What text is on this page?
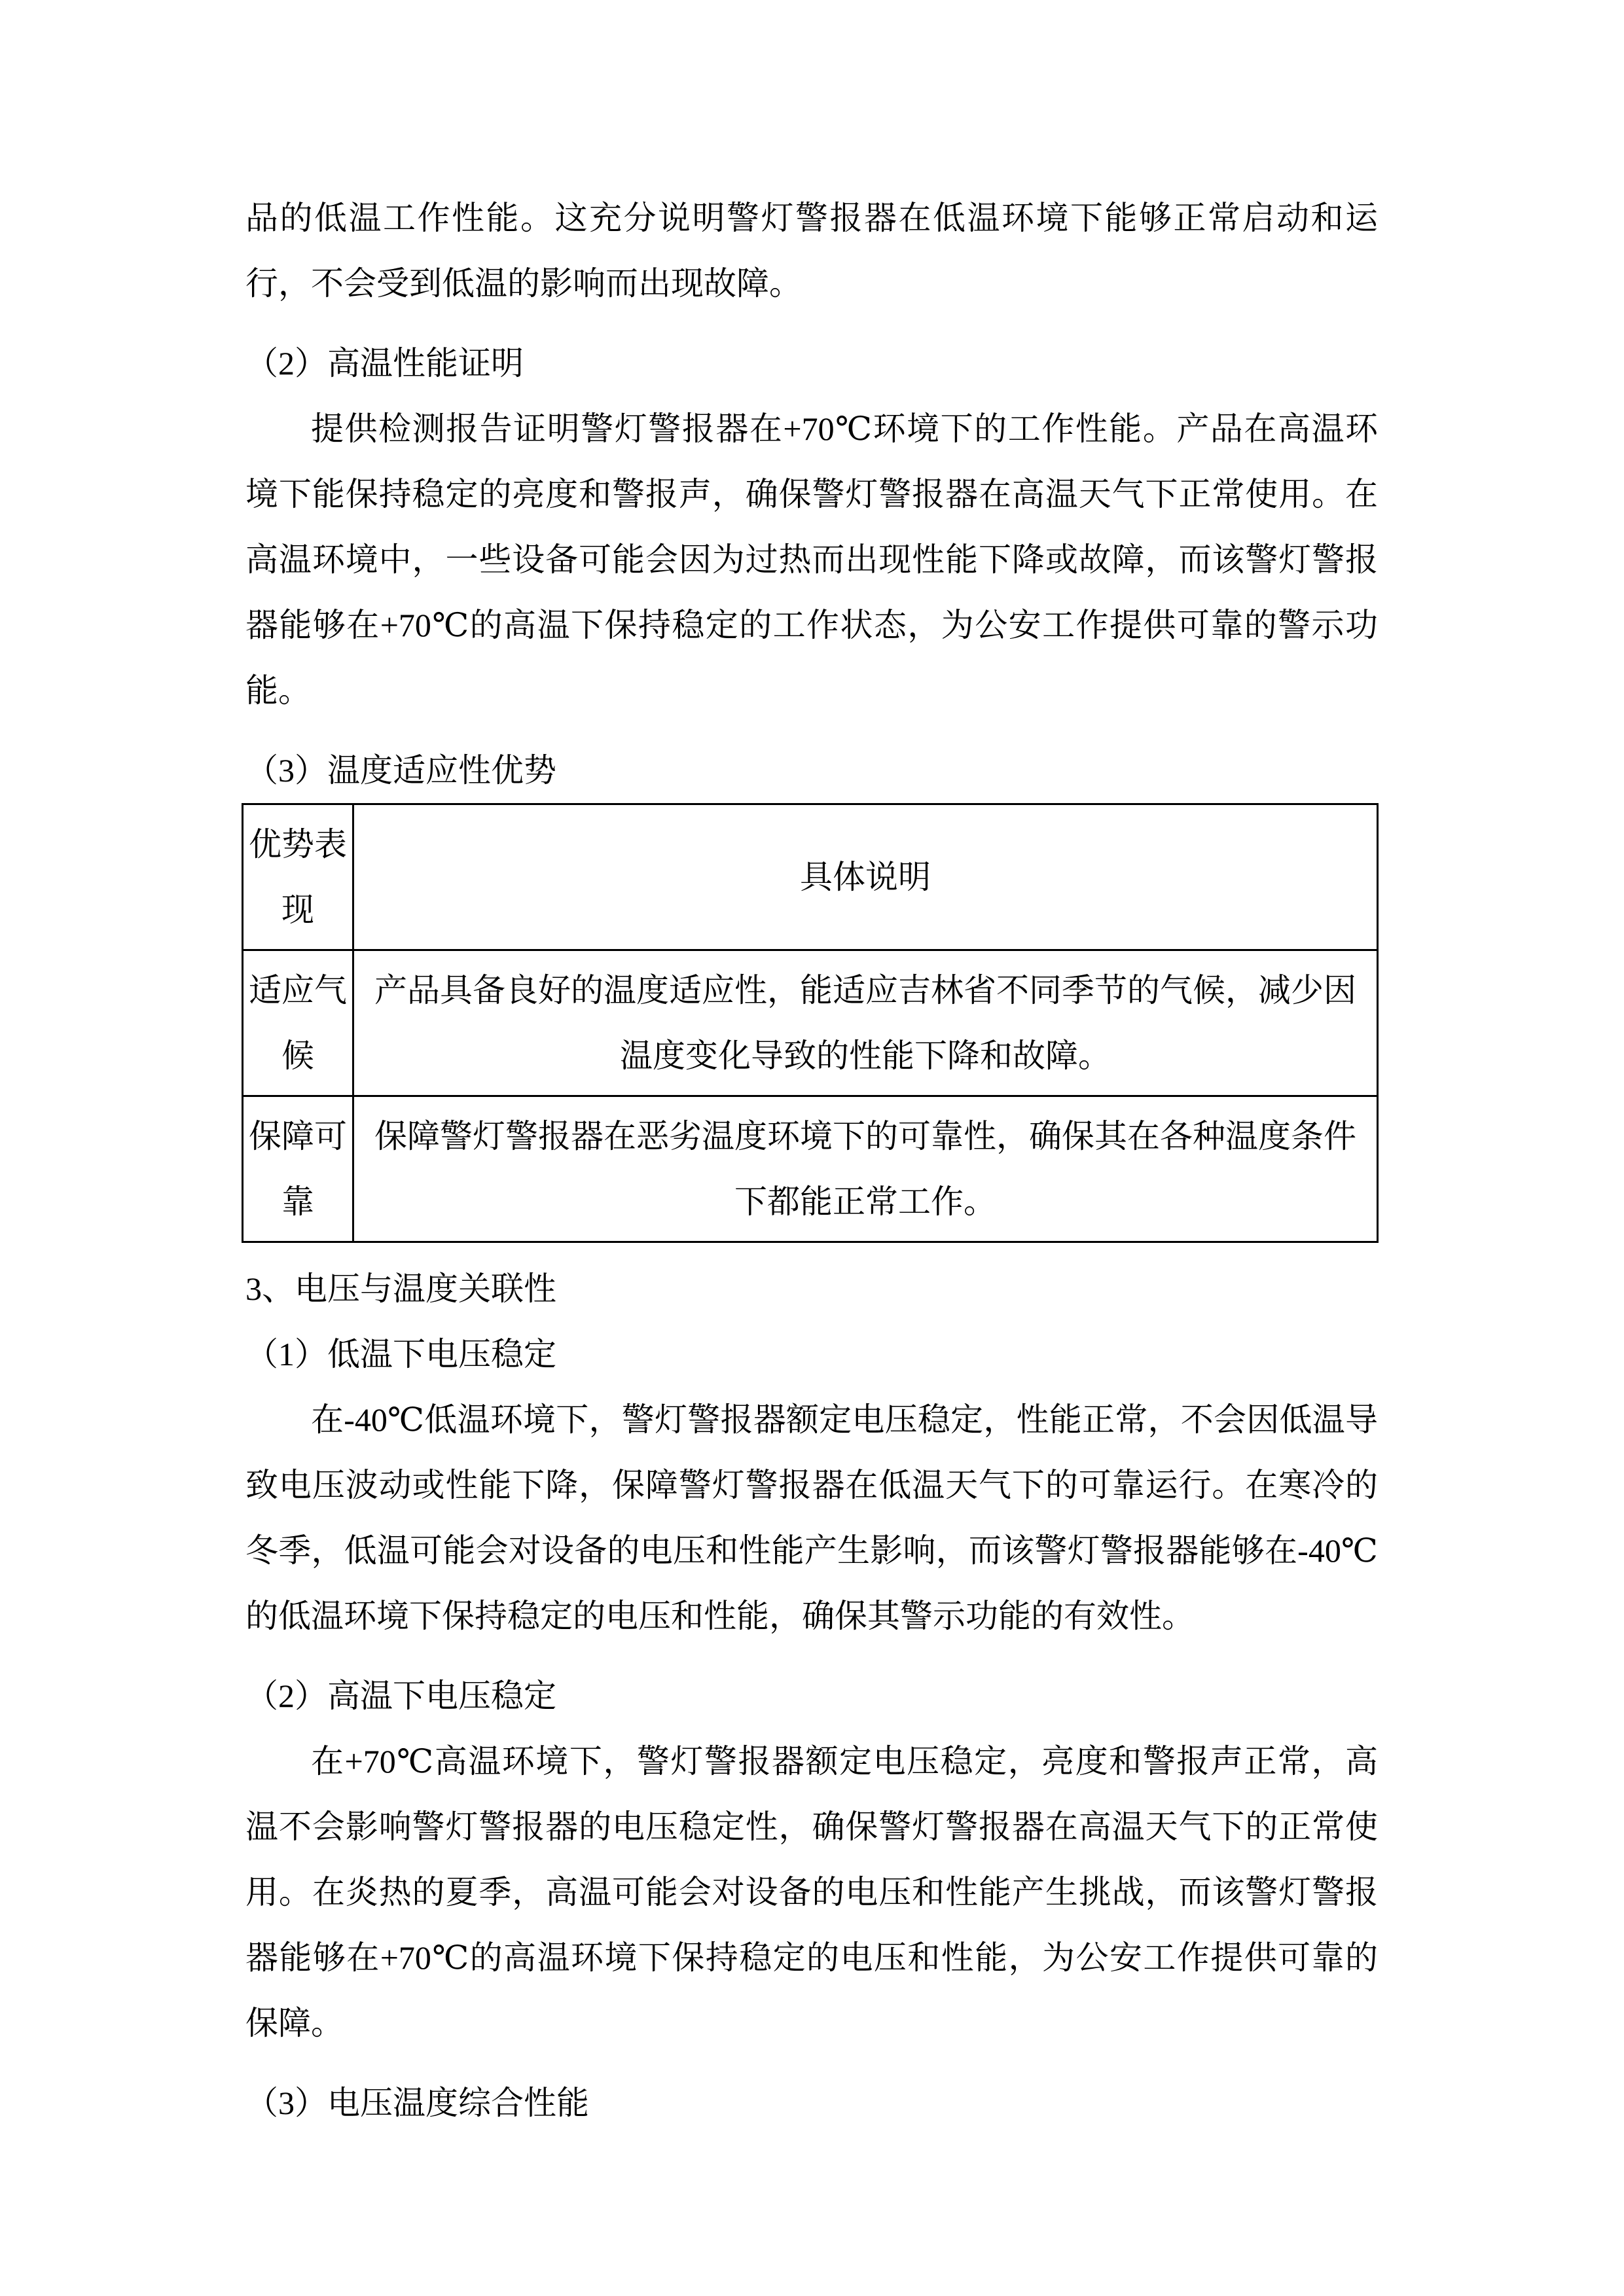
品的低温工作性能。这充分说明警灯警报器在低温环境下能够正常启动和运行，不会受到低温的影响而出现故障。

（2）高温性能证明

提供检测报告证明警灯警报器在+70℃环境下的工作性能。产品在高温环境下能保持稳定的亮度和警报声，确保警灯警报器在高温天气下正常使用。在高温环境中，一些设备可能会因为过热而出现性能下降或故障，而该警灯警报器能够在+70℃的高温下保持稳定的工作状态，为公安工作提供可靠的警示功能。

（3）温度适应性优势
优势表现	具体说明
适应气候	产品具备良好的温度适应性，能适应吉林省不同季节的气候，减少因温度变化导致的性能下降和故障。
保障可靠	保障警灯警报器在恶劣温度环境下的可靠性，确保其在各种温度条件下都能正常工作。
3、电压与温度关联性
（1）低温下电压稳定

在-40℃低温环境下，警灯警报器额定电压稳定，性能正常，不会因低温导致电压波动或性能下降，保障警灯警报器在低温天气下的可靠运行。在寒冷的冬季，低温可能会对设备的电压和性能产生影响，而该警灯警报器能够在-40℃的低温环境下保持稳定的电压和性能，确保其警示功能的有效性。

（2）高温下电压稳定

在+70℃高温环境下，警灯警报器额定电压稳定，亮度和警报声正常，高温不会影响警灯警报器的电压稳定性，确保警灯警报器在高温天气下的正常使用。在炎热的夏季，高温可能会对设备的电压和性能产生挑战，而该警灯警报器能够在+70℃的高温环境下保持稳定的电压和性能，为公安工作提供可靠的保障。

（3）电压温度综合性能
